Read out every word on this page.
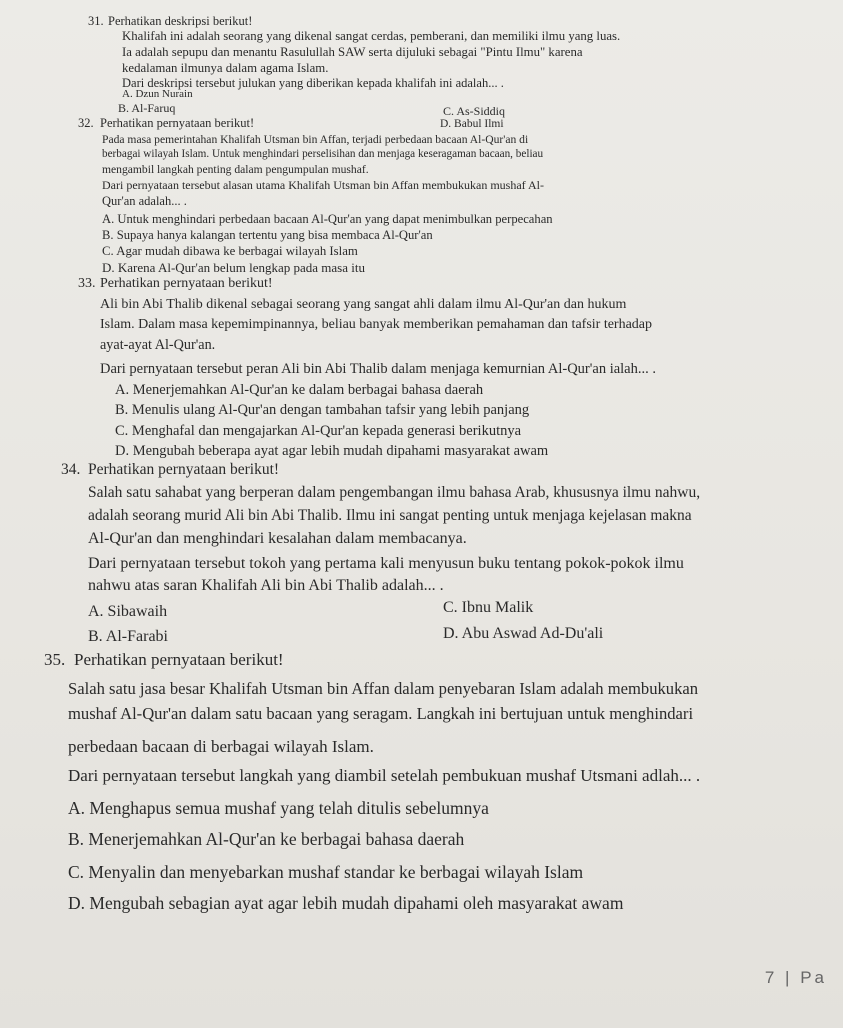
31. Perhatikan deskripsi berikut!
Khalifah ini adalah seorang yang dikenal sangat cerdas, pemberani, dan memiliki ilmu yang luas.
Ia adalah sepupu dan menantu Rasulullah SAW serta dijuluki sebagai "Pintu Ilmu" karena
kedalaman ilmunya dalam agama Islam.
Dari deskripsi tersebut julukan yang diberikan kepada khalifah ini adalah... .
A. Dzun Nurain
B. Al-Faruq	C. As-Siddiq
D. Babul Ilmi
32. Perhatikan pernyataan berikut!
Pada masa pemerintahan Khalifah Utsman bin Affan, terjadi perbedaan bacaan Al-Qur'an di
berbagai wilayah Islam. Untuk menghindari perselisihan dan menjaga keseragaman bacaan, beliau
mengambil langkah penting dalam pengumpulan mushaf.
Dari pernyataan tersebut alasan utama Khalifah Utsman bin Affan membukukan mushaf Al-
Qur'an adalah... .
A. Untuk menghindari perbedaan bacaan Al-Qur'an yang dapat menimbulkan perpecahan
B. Supaya hanya kalangan tertentu yang bisa membaca Al-Qur'an
C. Agar mudah dibawa ke berbagai wilayah Islam
D. Karena Al-Qur'an belum lengkap pada masa itu
33. Perhatikan pernyataan berikut!
Ali bin Abi Thalib dikenal sebagai seorang yang sangat ahli dalam ilmu Al-Qur'an dan hukum
Islam. Dalam masa kepemimpinannya, beliau banyak memberikan pemahaman dan tafsir terhadap
ayat-ayat Al-Qur'an.
Dari pernyataan tersebut peran Ali bin Abi Thalib dalam menjaga kemurnian Al-Qur'an ialah... .
A. Menerjemahkan Al-Qur'an ke dalam berbagai bahasa daerah
B. Menulis ulang Al-Qur'an dengan tambahan tafsir yang lebih panjang
C. Menghafal dan mengajarkan Al-Qur'an kepada generasi berikutnya
D. Mengubah beberapa ayat agar lebih mudah dipahami masyarakat awam
34. Perhatikan pernyataan berikut!
Salah satu sahabat yang berperan dalam pengembangan ilmu bahasa Arab, khususnya ilmu nahwu,
adalah seorang murid Ali bin Abi Thalib. Ilmu ini sangat penting untuk menjaga kejelasan makna
Al-Qur'an dan menghindari kesalahan dalam membacanya.
Dari pernyataan tersebut tokoh yang pertama kali menyusun buku tentang pokok-pokok ilmu
nahwu atas saran Khalifah Ali bin Abi Thalib adalah... .
A. Sibawaih
B. Al-Farabi
C. Ibnu Malik
D. Abu Aswad Ad-Du'ali
35. Perhatikan pernyataan berikut!
Salah satu jasa besar Khalifah Utsman bin Affan dalam penyebaran Islam adalah membukukan
mushaf Al-Qur'an dalam satu bacaan yang seragam. Langkah ini bertujuan untuk menghindari
perbedaan bacaan di berbagai wilayah Islam.
Dari pernyataan tersebut langkah yang diambil setelah pembukuan mushaf Utsmani adlah... .
A. Menghapus semua mushaf yang telah ditulis sebelumnya
B. Menerjemahkan Al-Qur'an ke berbagai bahasa daerah
C. Menyalin dan menyebarkan mushaf standar ke berbagai wilayah Islam
D. Mengubah sebagian ayat agar lebih mudah dipahami oleh masyarakat awam
7 | Pa
